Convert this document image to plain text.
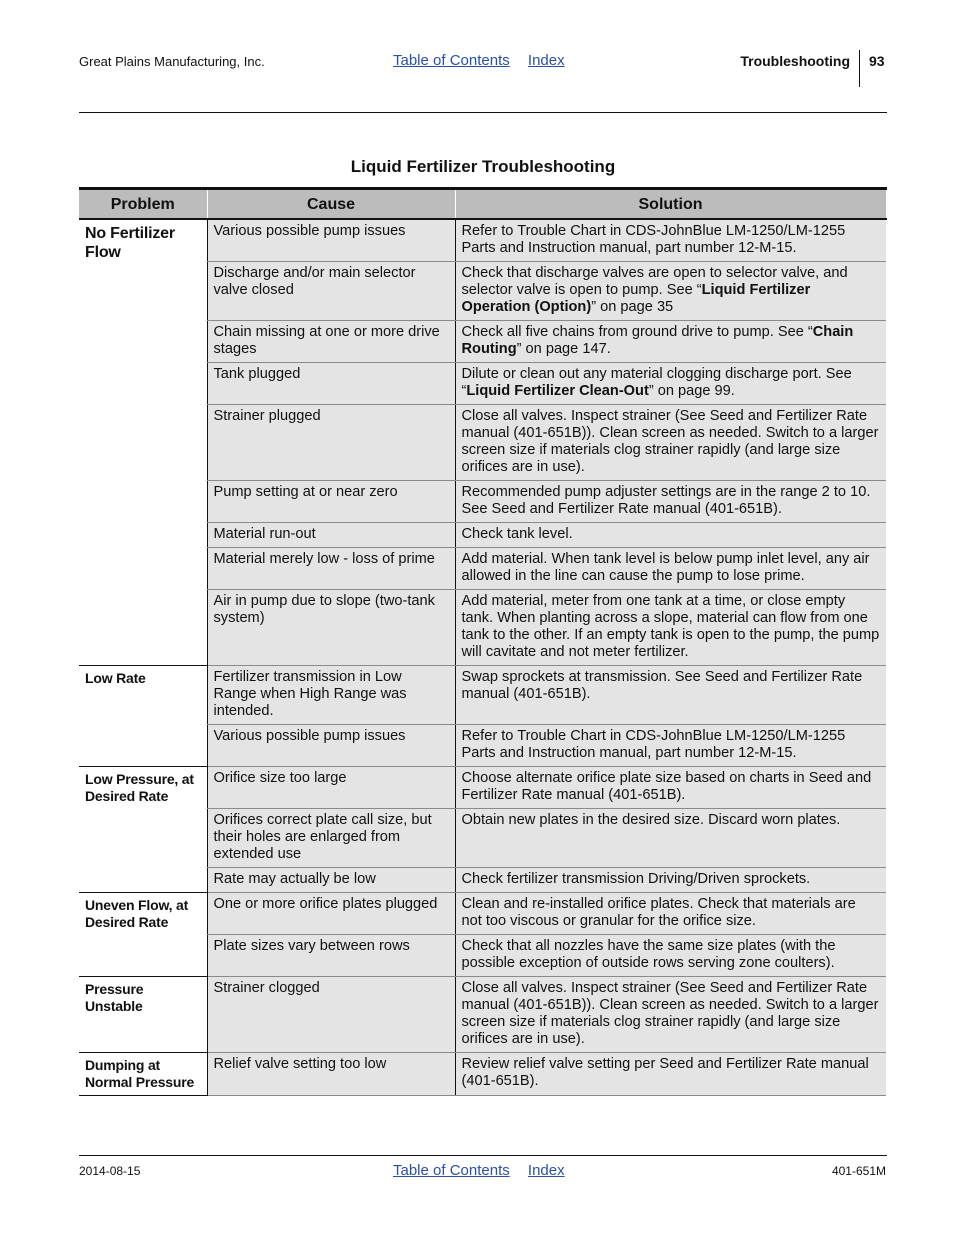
Great Plains Manufacturing, Inc.	Table of Contents Index	Troubleshooting 93
Liquid Fertilizer Troubleshooting
Problem	Cause	Solution
No Fertilizer Flow	Various possible pump issues	Refer to Trouble Chart in CDS-JohnBlue LM-1250/LM-1255 Parts and Instruction manual, part number 12-M-15.
	Discharge and/or main selector valve closed	Check that discharge valves are open to selector valve, and selector valve is open to pump. See “Liquid Fertilizer Operation (Option)” on page 35
	Chain missing at one or more drive stages	Check all five chains from ground drive to pump. See “Chain Routing” on page 147.
	Tank plugged	Dilute or clean out any material clogging discharge port. See “Liquid Fertilizer Clean-Out” on page 99.
	Strainer plugged	Close all valves. Inspect strainer (See Seed and Fertilizer Rate manual (401-651B)). Clean screen as needed. Switch to a larger screen size if materials clog strainer rapidly (and large size orifices are in use).
	Pump setting at or near zero	Recommended pump adjuster settings are in the range 2 to 10. See Seed and Fertilizer Rate manual (401-651B).
	Material run-out	Check tank level.
	Material merely low - loss of prime	Add material. When tank level is below pump inlet level, any air allowed in the line can cause the pump to lose prime.
	Air in pump due to slope (two-tank system)	Add material, meter from one tank at a time, or close empty tank. When planting across a slope, material can flow from one tank to the other. If an empty tank is open to the pump, the pump will cavitate and not meter fertilizer.
Low Rate	Fertilizer transmission in Low Range when High Range was intended.	Swap sprockets at transmission. See Seed and Fertilizer Rate manual (401-651B).
	Various possible pump issues	Refer to Trouble Chart in CDS-JohnBlue LM-1250/LM-1255 Parts and Instruction manual, part number 12-M-15.
Low Pressure, at Desired Rate	Orifice size too large	Choose alternate orifice plate size based on charts in Seed and Fertilizer Rate manual (401-651B).
	Orifices correct plate call size, but their holes are enlarged from extended use	Obtain new plates in the desired size. Discard worn plates.
	Rate may actually be low	Check fertilizer transmission Driving/Driven sprockets.
Uneven Flow, at Desired Rate	One or more orifice plates plugged	Clean and re-installed orifice plates. Check that materials are not too viscous or granular for the orifice size.
	Plate sizes vary between rows	Check that all nozzles have the same size plates (with the possible exception of outside rows serving zone coulters).
Pressure Unstable	Strainer clogged	Close all valves. Inspect strainer (See Seed and Fertilizer Rate manual (401-651B)). Clean screen as needed. Switch to a larger screen size if materials clog strainer rapidly (and large size orifices are in use).
Dumping at Normal Pressure	Relief valve setting too low	Review relief valve setting per Seed and Fertilizer Rate manual (401-651B).
2014-08-15	Table of Contents Index	401-651M
